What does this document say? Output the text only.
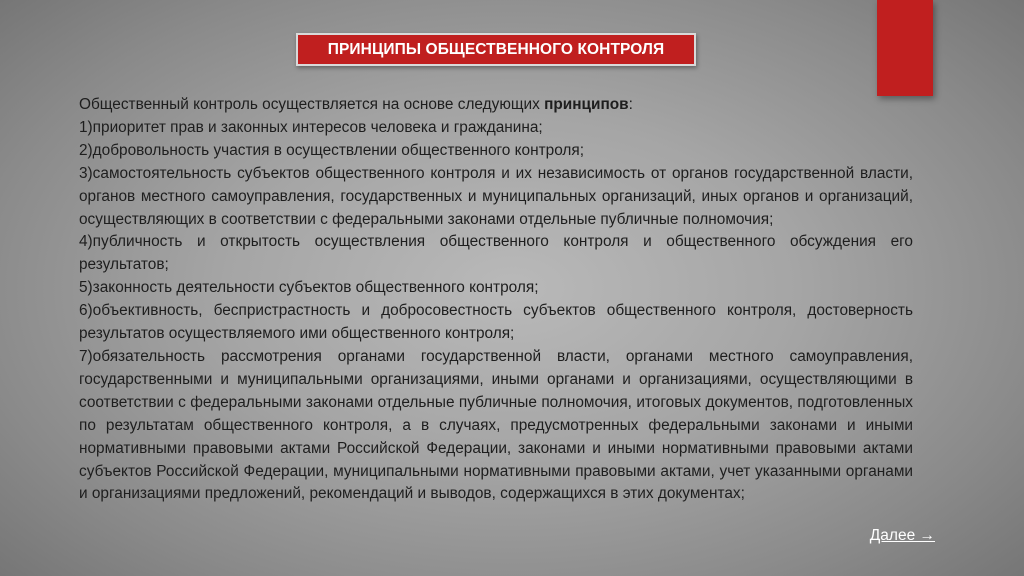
ПРИНЦИПЫ ОБЩЕСТВЕННОГО КОНТРОЛЯ

Общественный контроль осуществляется на основе следующих принципов:

1)приоритет прав и законных интересов человека и гражданина;

2)добровольность участия в осуществлении общественного контроля;

3)самостоятельность субъектов общественного контроля и их независимость от органов государственной власти, органов местного самоуправления, государственных и муниципальных организаций, иных органов и организаций, осуществляющих в соответствии с федеральными законами отдельные публичные полномочия;

4)публичность и открытость осуществления общественного контроля и общественного обсуждения его результатов;

5)законность деятельности субъектов общественного контроля;

6)объективность, беспристрастность и добросовестность субъектов общественного контроля, достоверность результатов осуществляемого ими общественного контроля;

7)обязательность рассмотрения органами государственной власти, органами местного самоуправления, государственными и муниципальными организациями, иными органами и организациями, осуществляющими в соответствии с федеральными законами отдельные публичные полномочия, итоговых документов, подготовленных по результатам общественного контроля, а в случаях, предусмотренных федеральными законами и иными нормативными правовыми актами Российской Федерации, законами и иными нормативными правовыми актами субъектов Российской Федерации, муниципальными нормативными правовыми актами, учет указанными органами и организациями предложений, рекомендаций и выводов, содержащихся в этих документах;

Далее →
